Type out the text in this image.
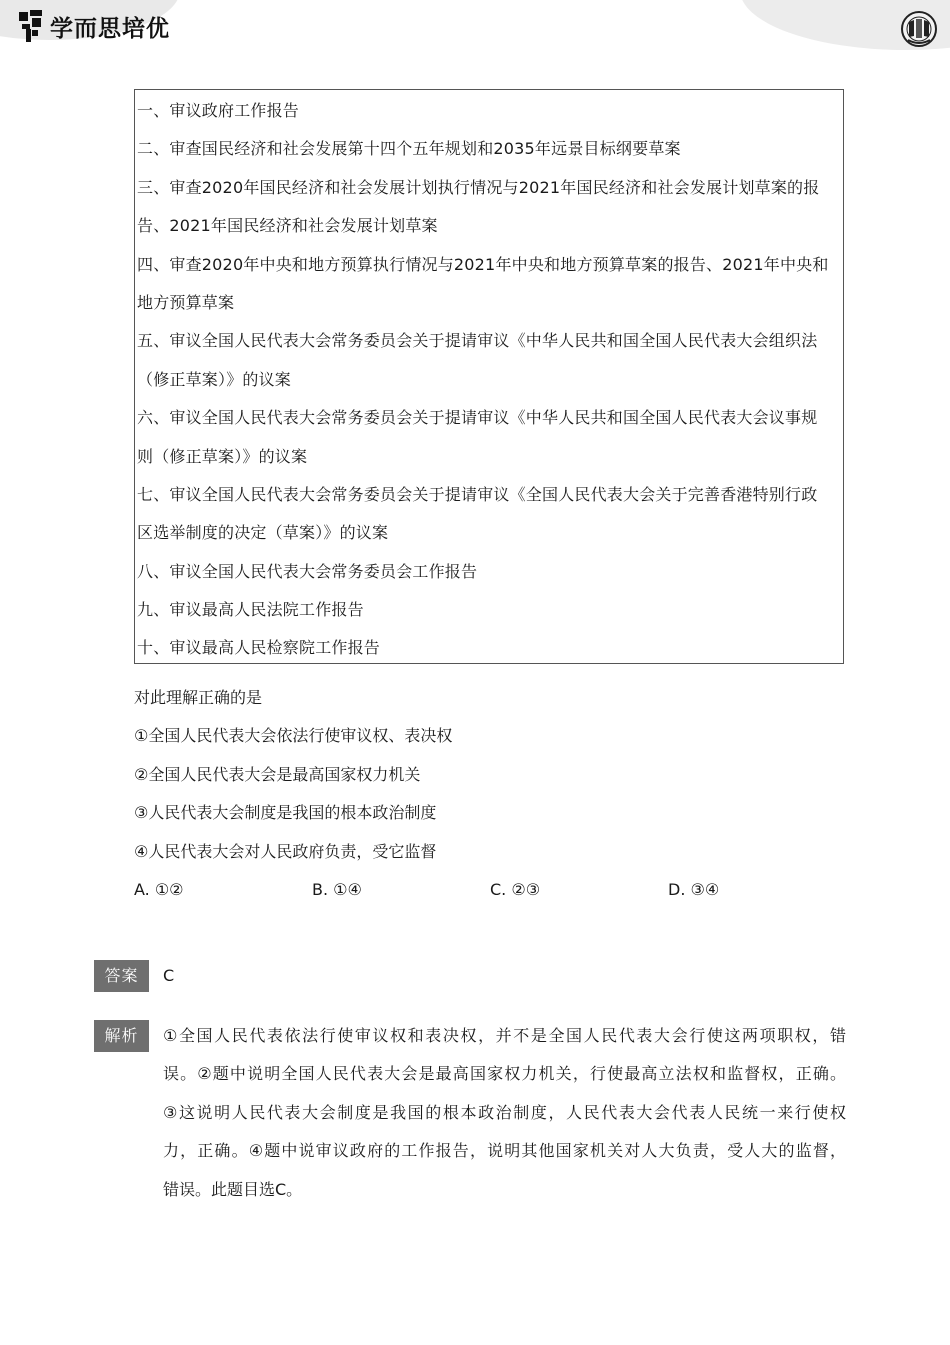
学而思培优
一、审议政府工作报告
二、审查国民经济和社会发展第十四个五年规划和2035年远景目标纲要草案
三、审查2020年国民经济和社会发展计划执行情况与2021年国民经济和社会发展计划草案的报
告、2021年国民经济和社会发展计划草案
四、审查2020年中央和地方预算执行情况与2021年中央和地方预算草案的报告、2021年中央和
地方预算草案
五、审议全国人民代表大会常务委员会关于提请审议《中华人民共和国全国人民代表大会组织法
（修正草案）》的议案
六、审议全国人民代表大会常务委员会关于提请审议《中华人民共和国全国人民代表大会议事规
则（修正草案）》的议案
七、审议全国人民代表大会常务委员会关于提请审议《全国人民代表大会关于完善香港特别行政
区选举制度的决定（草案）》的议案
八、审议全国人民代表大会常务委员会工作报告
九、审议最高人民法院工作报告
十、审议最高人民检察院工作报告
对此理解正确的是
①全国人民代表大会依法行使审议权、表决权
②全国人民代表大会是最高国家权力机关
③人民代表大会制度是我国的根本政治制度
④人民代表大会对人民政府负责，受它监督
A. ①②	B. ①④	C. ②③	D. ③④
答案	C
解析	①全国人民代表依法行使审议权和表决权，并不是全国人民代表大会行使这两项职权，错
误。②题中说明全国人民代表大会是最高国家权力机关，行使最高立法权和监督权，正确。
③这说明人民代表大会制度是我国的根本政治制度，人民代表大会代表人民统一来行使权
力，正确。④题中说审议政府的工作报告，说明其他国家机关对人大负责，受人大的监督，
错误。此题目选C。
